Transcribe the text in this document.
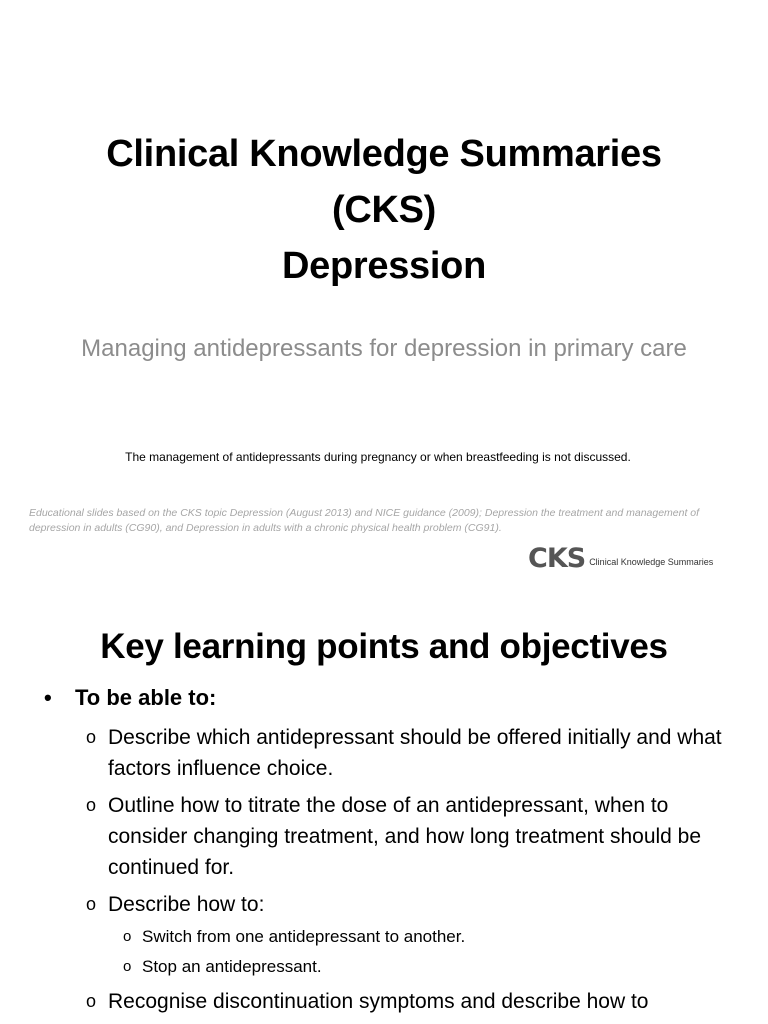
Clinical Knowledge Summaries
(CKS)
Depression
Managing antidepressants for depression in primary care
The management of antidepressants during pregnancy or when breastfeeding is not discussed.
Educational slides based on the CKS topic Depression (August 2013) and NICE guidance (2009); Depression the treatment and management of depression in adults (CG90), and Depression in adults with a chronic physical health problem (CG91).
CKS Clinical Knowledge Summaries
Key learning points and objectives
•	To be able to:
o Describe which antidepressant should be offered initially and what factors influence choice.
o Outline how to titrate the dose of an antidepressant, when to consider changing treatment, and how long treatment should be continued for.
o Describe how to:
o Switch from one antidepressant to another.
o Stop an antidepressant.
o Recognise discontinuation symptoms and describe how to
